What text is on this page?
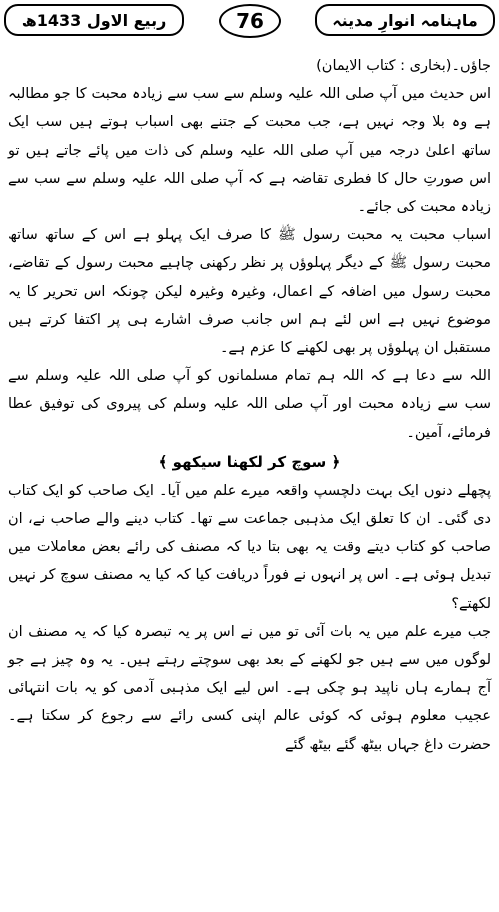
ماہنامہ انوارِ مدینہ
76
ربیع الاول 1433ھ

جاؤں۔(بخاری : کتاب الایمان)

اس حدیث میں آپ صلی اللہ علیہ وسلم سے سب سے زیادہ محبت کا جو مطالبہ ہے وہ بلا وجہ نہیں ہے، جب محبت کے جتنے بھی اسباب ہوتے ہیں سب ایک ساتھ اعلیٰ درجہ میں آپ صلی اللہ علیہ وسلم کی ذات میں پائے جاتے ہیں تو اس صورتِ حال کا فطری تقاضہ ہے کہ آپ صلی اللہ علیہ وسلم سے سب سے زیادہ محبت کی جائے۔

اسباب محبت یہ محبت رسول ﷺ کا صرف ایک پہلو ہے اس کے ساتھ ساتھ محبت رسول ﷺ کے دیگر پہلوؤں پر نظر رکھنی چاہیے محبت رسول کے تقاضے، محبت رسول میں اضافہ کے اعمال، وغیرہ وغیرہ لیکن چونکہ اس تحریر کا یہ موضوع نہیں ہے اس لئے ہم اس جانب صرف اشارے ہی پر اکتفا کرتے ہیں مستقبل ان پہلوؤں پر بھی لکھنے کا عزم ہے۔

اللہ سے دعا ہے کہ اللہ ہم تمام مسلمانوں کو آپ صلی اللہ علیہ وسلم سے سب سے زیادہ محبت اور آپ صلی اللہ علیہ وسلم کی پیروی کی توفیق عطا فرمائے، آمین۔

﴿ سوچ کر لکھنا سیکھو ﴾

پچھلے دنوں ایک بہت دلچسپ واقعہ میرے علم میں آیا۔ ایک صاحب کو ایک کتاب دی گئی۔ ان کا تعلق ایک مذہبی جماعت سے تھا۔ کتاب دینے والے صاحب نے، ان صاحب کو کتاب دیتے وقت یہ بھی بتا دیا کہ مصنف کی رائے بعض معاملات میں تبدیل ہوئی ہے۔ اس پر انہوں نے فوراً دریافت کیا کہ کیا یہ مصنف سوچ کر نہیں لکھتے؟

جب میرے علم میں یہ بات آئی تو میں نے اس پر یہ تبصرہ کیا کہ یہ مصنف ان لوگوں میں سے ہیں جو لکھنے کے بعد بھی سوچتے رہتے ہیں۔ یہ وہ چیز ہے جو آج ہمارے ہاں ناپید ہو چکی ہے۔ اس لیے ایک مذہبی آدمی کو یہ بات انتہائی عجیب معلوم ہوئی کہ کوئی عالم اپنی کسی رائے سے رجوع کر سکتا ہے۔ حضرت داغ جہاں بیٹھ گئے بیٹھ گئے
